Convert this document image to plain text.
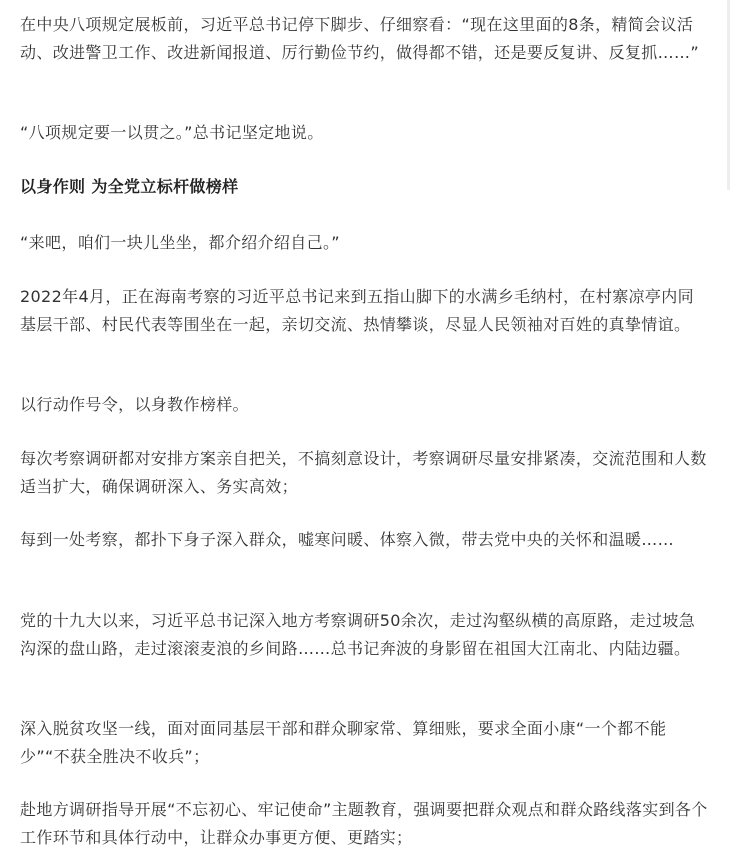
在中央八项规定展板前，习近平总书记停下脚步、仔细察看：“现在这里面的8条，精简会议活动、改进警卫工作、改进新闻报道、厉行勤俭节约，做得都不错，还是要反复讲、反复抓……”

“八项规定要一以贯之。”总书记坚定地说。

以身作则 为全党立标杆做榜样

“来吧，咱们一块儿坐坐，都介绍介绍自己。”

2022年4月，正在海南考察的习近平总书记来到五指山脚下的水满乡毛纳村，在村寨凉亭内同基层干部、村民代表等围坐在一起，亲切交流、热情攀谈，尽显人民领袖对百姓的真挚情谊。

以行动作号令，以身教作榜样。

每次考察调研都对安排方案亲自把关，不搞刻意设计，考察调研尽量安排紧凑，交流范围和人数适当扩大，确保调研深入、务实高效；

每到一处考察，都扑下身子深入群众，嘘寒问暖、体察入微，带去党中央的关怀和温暖……

党的十九大以来，习近平总书记深入地方考察调研50余次，走过沟壑纵横的高原路，走过坡急沟深的盘山路，走过滚滚麦浪的乡间路……总书记奔波的身影留在祖国大江南北、内陆边疆。

深入脱贫攻坚一线，面对面同基层干部和群众聊家常、算细账，要求全面小康“一个都不能少”“不获全胜决不收兵”；

赴地方调研指导开展“不忘初心、牢记使命”主题教育，强调要把群众观点和群众路线落实到各个工作环节和具体行动中，让群众办事更方便、更踏实；
